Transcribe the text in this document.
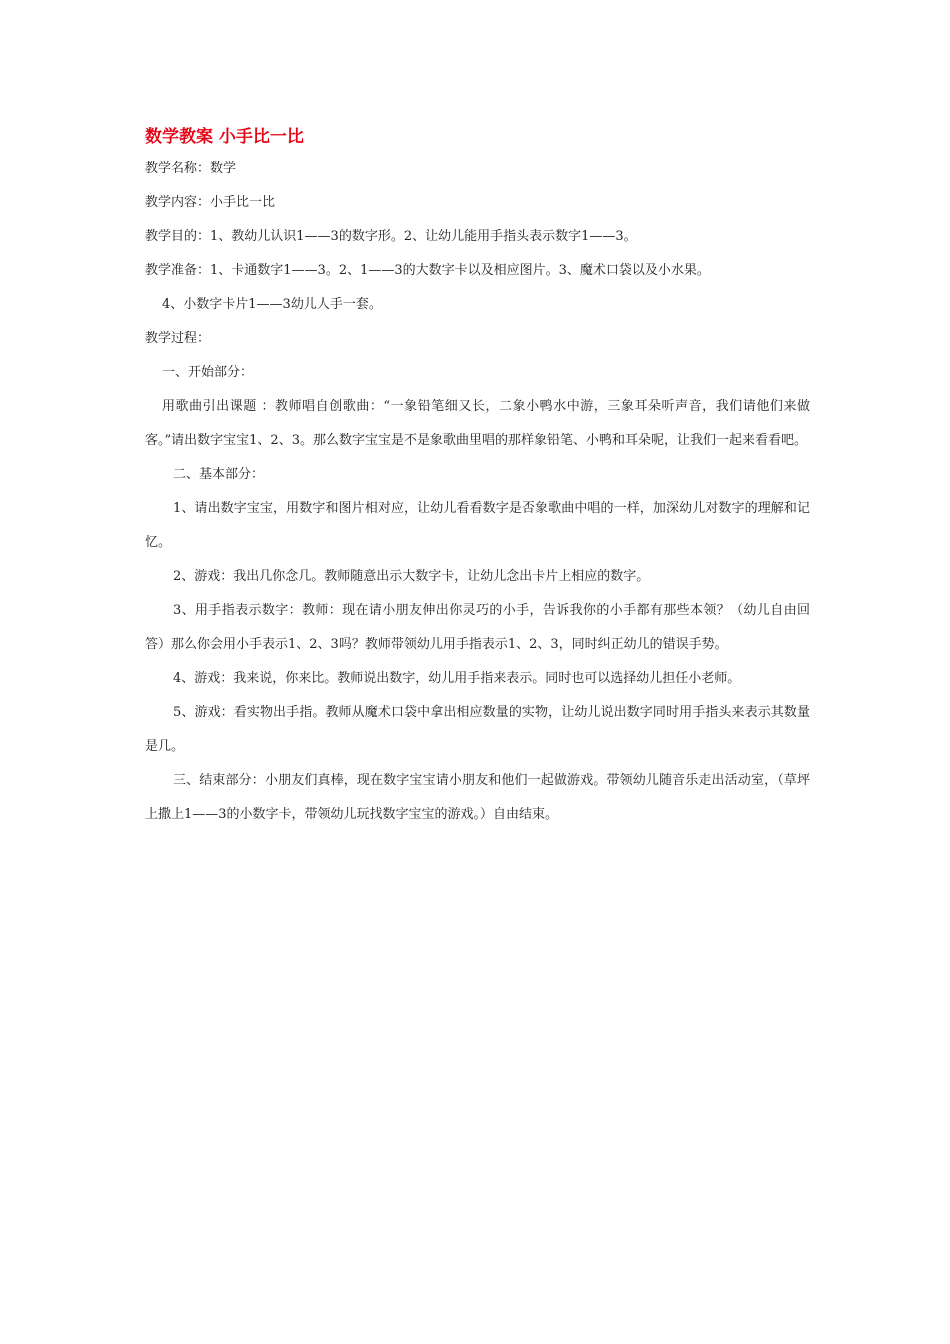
数学教案 小手比一比

教学名称：数学

教学内容：小手比一比

教学目的：1、教幼儿认识1——3的数字形。2、让幼儿能用手指头表示数字1——3。

教学准备：1、卡通数字1——3。2、1——3的大数字卡以及相应图片。3、魔术口袋以及小水果。

4、小数字卡片1——3幼儿人手一套。

教学过程：

一、开始部分：

用歌曲引出课题 ：教师唱自创歌曲：“一象铅笔细又长，二象小鸭水中游，三象耳朵听声音，我们请他们来做客。”请出数字宝宝1、2、3。那么数字宝宝是不是象歌曲里唱的那样象铅笔、小鸭和耳朵呢，让我们一起来看看吧。

二、基本部分：

1、请出数字宝宝，用数字和图片相对应，让幼儿看看数字是否象歌曲中唱的一样，加深幼儿对数字的理解和记忆。

2、游戏：我出几你念几。教师随意出示大数字卡，让幼儿念出卡片上相应的数字。

3、用手指表示数字：教师：现在请小朋友伸出你灵巧的小手，告诉我你的小手都有那些本领？（幼儿自由回答）那么你会用小手表示1、2、3吗？教师带领幼儿用手指表示1、2、3，同时纠正幼儿的错误手势。

4、游戏：我来说，你来比。教师说出数字，幼儿用手指来表示。同时也可以选择幼儿担任小老师。

5、游戏：看实物出手指。教师从魔术口袋中拿出相应数量的实物，让幼儿说出数字同时用手指头来表示其数量是几。

三、结束部分：小朋友们真棒，现在数字宝宝请小朋友和他们一起做游戏。带领幼儿随音乐走出活动室，（草坪上撒上1——3的小数字卡，带领幼儿玩找数字宝宝的游戏。）自由结束。
